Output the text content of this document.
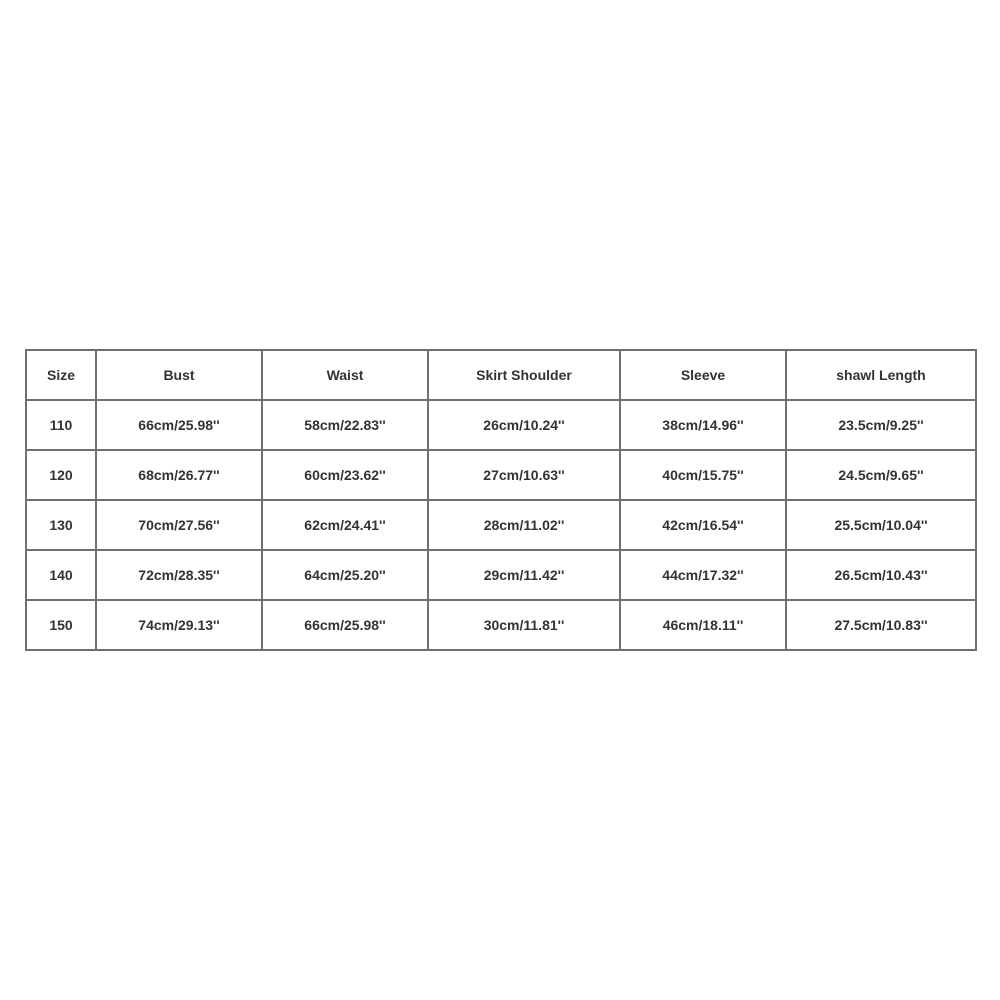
Size	Bust	Waist	Skirt Shoulder	Sleeve	shawl Length
110	66cm/25.98''	58cm/22.83''	26cm/10.24''	38cm/14.96''	23.5cm/9.25''
120	68cm/26.77''	60cm/23.62''	27cm/10.63''	40cm/15.75''	24.5cm/9.65''
130	70cm/27.56''	62cm/24.41''	28cm/11.02''	42cm/16.54''	25.5cm/10.04''
140	72cm/28.35''	64cm/25.20''	29cm/11.42''	44cm/17.32''	26.5cm/10.43''
150	74cm/29.13''	66cm/25.98''	30cm/11.81''	46cm/18.11''	27.5cm/10.83''
